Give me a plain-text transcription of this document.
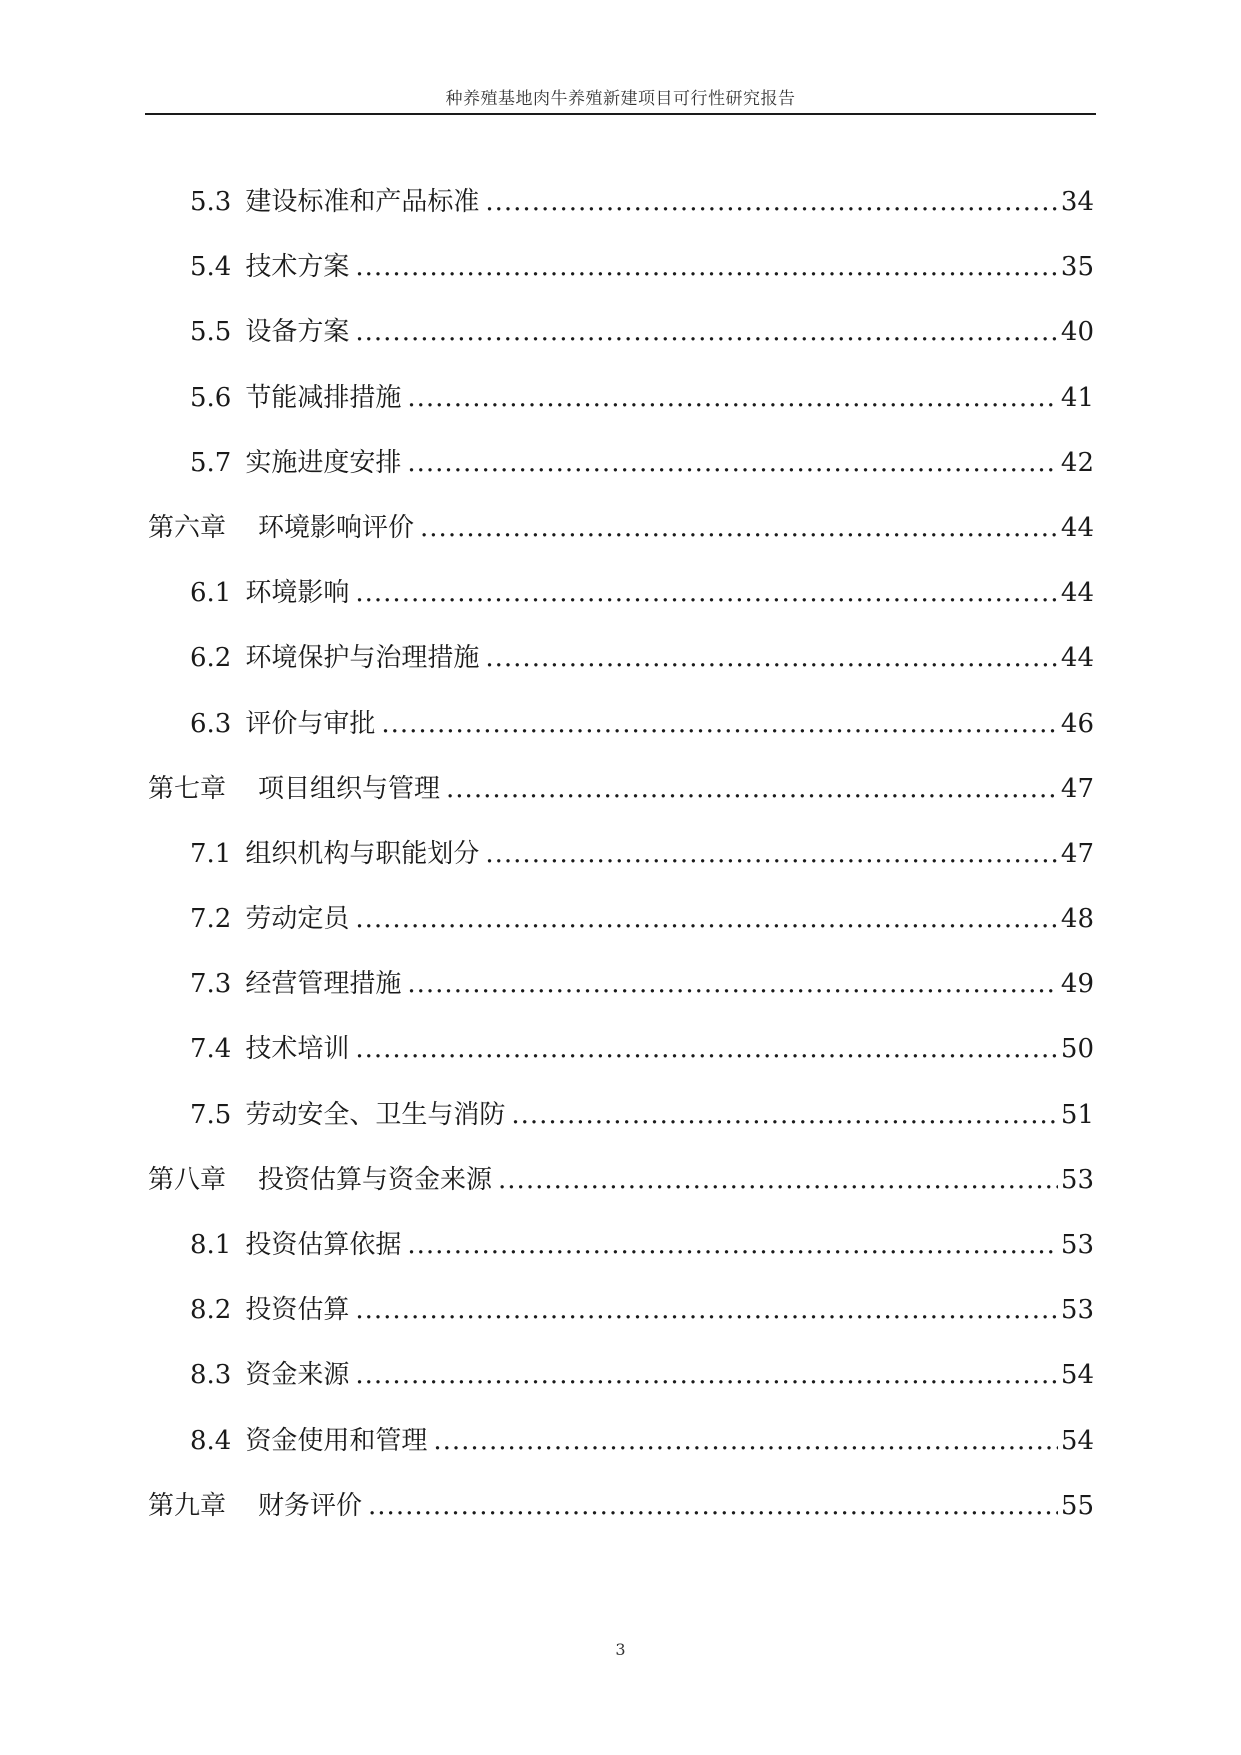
种养殖基地肉牛养殖新建项目可行性研究报告
5.3 建设标准和产品标准 .....	34
5.4 技术方案 .....	35
5.5 设备方案 .....	40
5.6 节能减排措施 .....	41
5.7 实施进度安排 .....	42
第六章 环境影响评价 .....	44
6.1 环境影响 .....	44
6.2 环境保护与治理措施 .....	44
6.3 评价与审批 .....	46
第七章 项目组织与管理 .....	47
7.1 组织机构与职能划分 .....	47
7.2 劳动定员 .....	48
7.3 经营管理措施 .....	49
7.4 技术培训 .....	50
7.5 劳动安全、卫生与消防 .....	51
第八章 投资估算与资金来源 .....	53
8.1 投资估算依据 .....	53
8.2 投资估算 .....	53
8.3 资金来源 .....	54
8.4 资金使用和管理 .....	54
第九章 财务评价 .....	55
3
